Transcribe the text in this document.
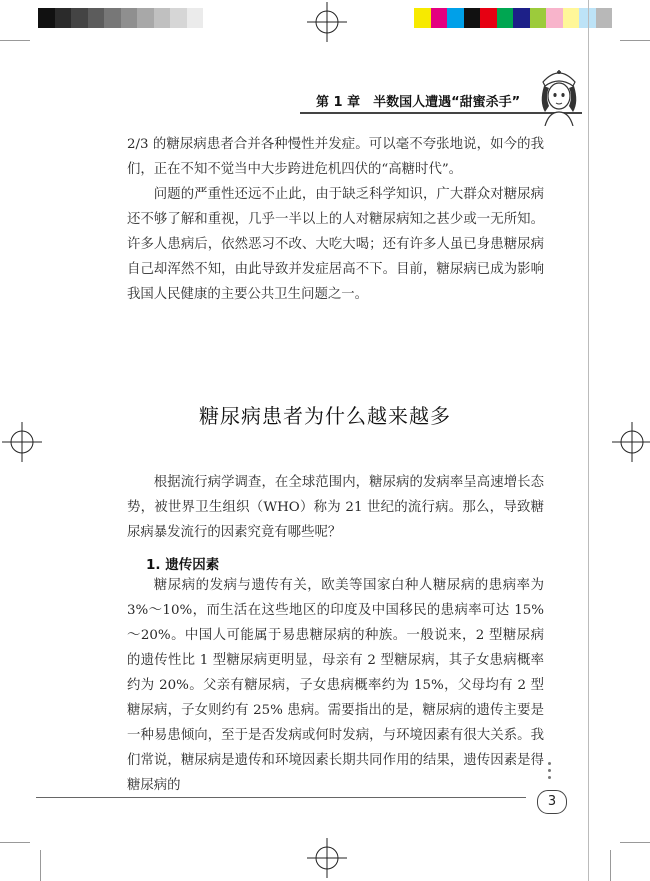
第 1 章　半数国人遭遇“甜蜜杀手”

2/3 的糖尿病患者合并各种慢性并发症。可以毫不夸张地说，如今的我们，正在不知不觉当中大步跨进危机四伏的“高糖时代”。

问题的严重性还远不止此，由于缺乏科学知识，广大群众对糖尿病还不够了解和重视，几乎一半以上的人对糖尿病知之甚少或一无所知。许多人患病后，依然恶习不改、大吃大喝；还有许多人虽已身患糖尿病自己却浑然不知，由此导致并发症居高不下。目前，糖尿病已成为影响我国人民健康的主要公共卫生问题之一。

糖尿病患者为什么越来越多

根据流行病学调查，在全球范围内，糖尿病的发病率呈高速增长态势，被世界卫生组织（WHO）称为 21 世纪的流行病。那么，导致糖尿病暴发流行的因素究竟有哪些呢？

1. 遗传因素

糖尿病的发病与遗传有关，欧美等国家白种人糖尿病的患病率为 3%～10%，而生活在这些地区的印度及中国移民的患病率可达 15%～20%。中国人可能属于易患糖尿病的种族。一般说来，2 型糖尿病的遗传性比 1 型糖尿病更明显，母亲有 2 型糖尿病，其子女患病概率约为 20%。父亲有糖尿病，子女患病概率约为 15%，父母均有 2 型糖尿病，子女则约有 25% 患病。需要指出的是，糖尿病的遗传主要是一种易患倾向，至于是否发病或何时发病，与环境因素有很大关系。我们常说，糖尿病是遗传和环境因素长期共同作用的结果，遗传因素是得糖尿病的

3
